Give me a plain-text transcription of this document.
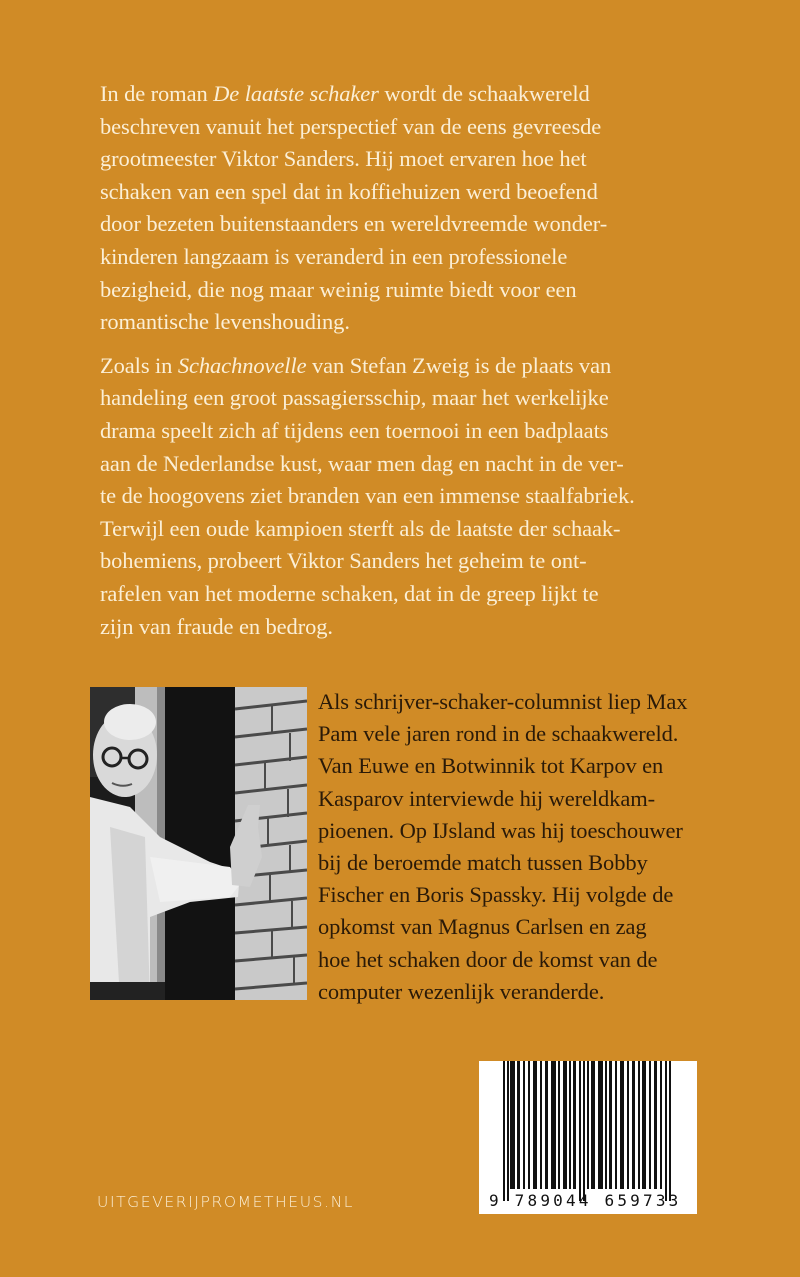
In de roman De laatste schaker wordt de schaakwereld
beschreven vanuit het perspectief van de eens gevreesde
grootmeester Viktor Sanders. Hij moet ervaren hoe het
schaken van een spel dat in koffiehuizen werd beoefend
door bezeten buitenstaanders en wereldvreemde wonder-
kinderen langzaam is veranderd in een professionele
bezigheid, die nog maar weinig ruimte biedt voor een
romantische levenshouding.

Zoals in Schachnovelle van Stefan Zweig is de plaats van
handeling een groot passagiersschip, maar het werkelijke
drama speelt zich af tijdens een toernooi in een badplaats
aan de Nederlandse kust, waar men dag en nacht in de ver-
te de hoogovens ziet branden van een immense staalfabriek.
Terwijl een oude kampioen sterft als de laatste der schaak-
bohemiens, probeert Viktor Sanders het geheim te ont-
rafelen van het moderne schaken, dat in de greep lijkt te
zijn van fraude en bedrog.

Als schrijver-schaker-columnist liep Max
Pam vele jaren rond in de schaakwereld.
Van Euwe en Botwinnik tot Karpov en
Kasparov interviewde hij wereldkam-
pioenen. Op IJsland was hij toeschouwer
bij de beroemde match tussen Bobby
Fischer en Boris Spassky. Hij volgde de
opkomst van Magnus Carlsen en zag
hoe het schaken door de komst van de
computer wezenlijk veranderde.
9 789044 659733
UITGEVERIJPROMETHEUS.NL
